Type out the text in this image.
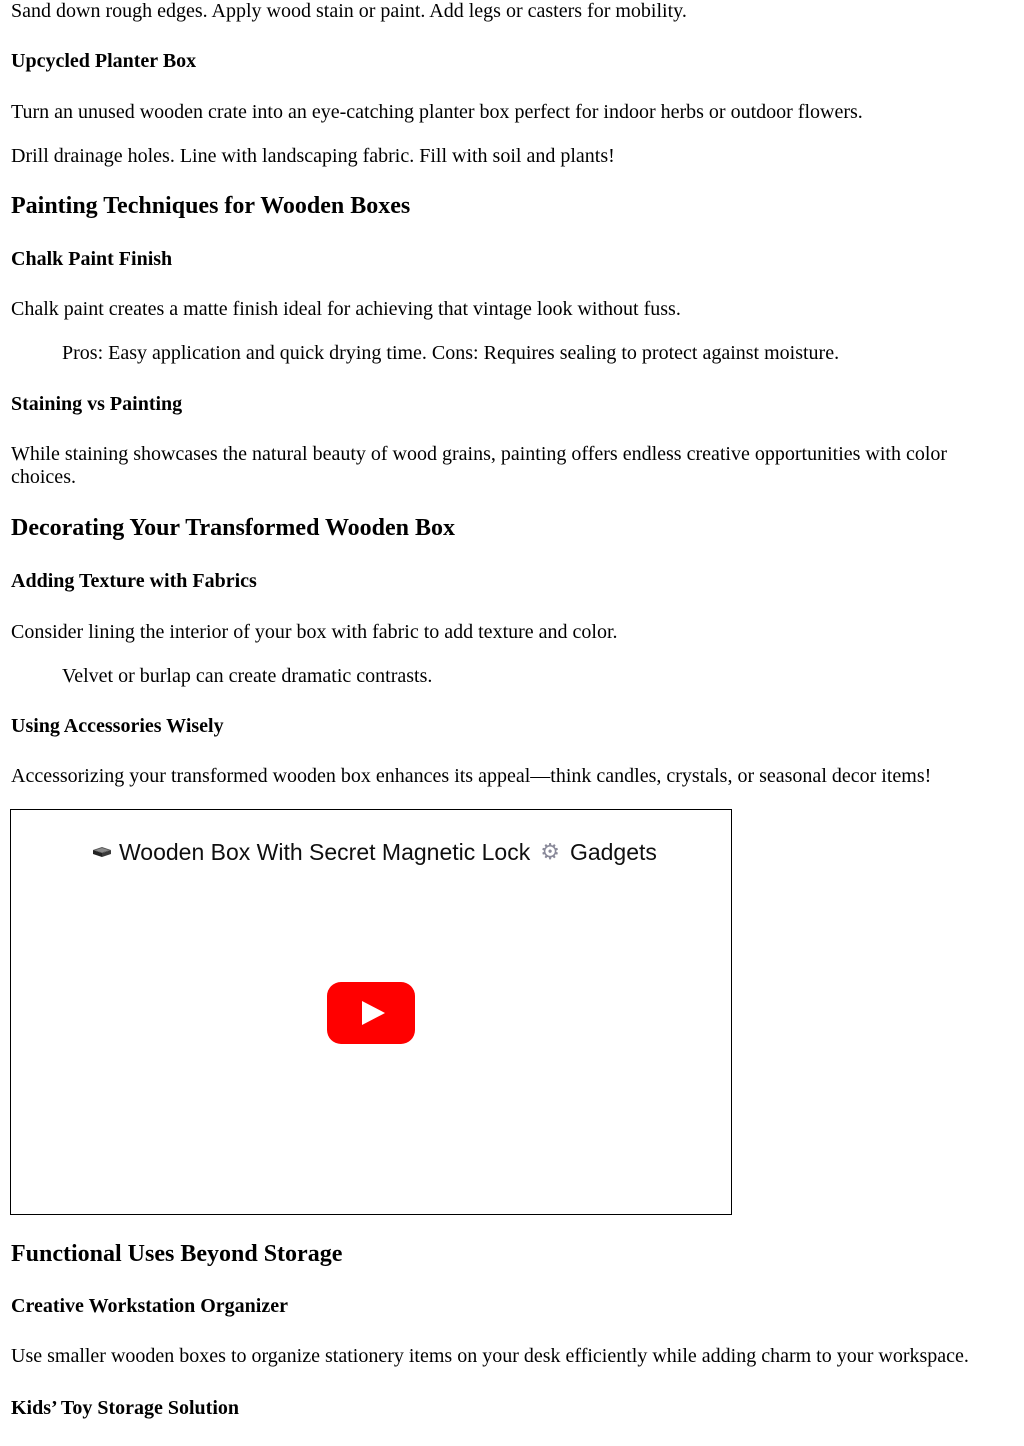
Sand down rough edges. Apply wood stain or paint. Add legs or casters for mobility.

Upcycled Planter Box

Turn an unused wooden crate into an eye-catching planter box perfect for indoor herbs or outdoor flowers.

Drill drainage holes. Line with landscaping fabric. Fill with soil and plants!

Painting Techniques for Wooden Boxes
Chalk Paint Finish

Chalk paint creates a matte finish ideal for achieving that vintage look without fuss.

Pros: Easy application and quick drying time. Cons: Requires sealing to protect against moisture.
Staining vs Painting

While staining showcases the natural beauty of wood grains, painting offers endless creative opportunities with color choices.

Decorating Your Transformed Wooden Box
Adding Texture with Fabrics

Consider lining the interior of your box with fabric to add texture and color.

Velvet or burlap can create dramatic contrasts.
Using Accessories Wisely

Accessorizing your transformed wooden box enhances its appeal—think candles, crystals, or seasonal decor items!

Wooden Box With Secret Magnetic Lock ⚙ Gadgets
Functional Uses Beyond Storage
Creative Workstation Organizer

Use smaller wooden boxes to organize stationery items on your desk efficiently while adding charm to your workspace.

Kids’ Toy Storage Solution
